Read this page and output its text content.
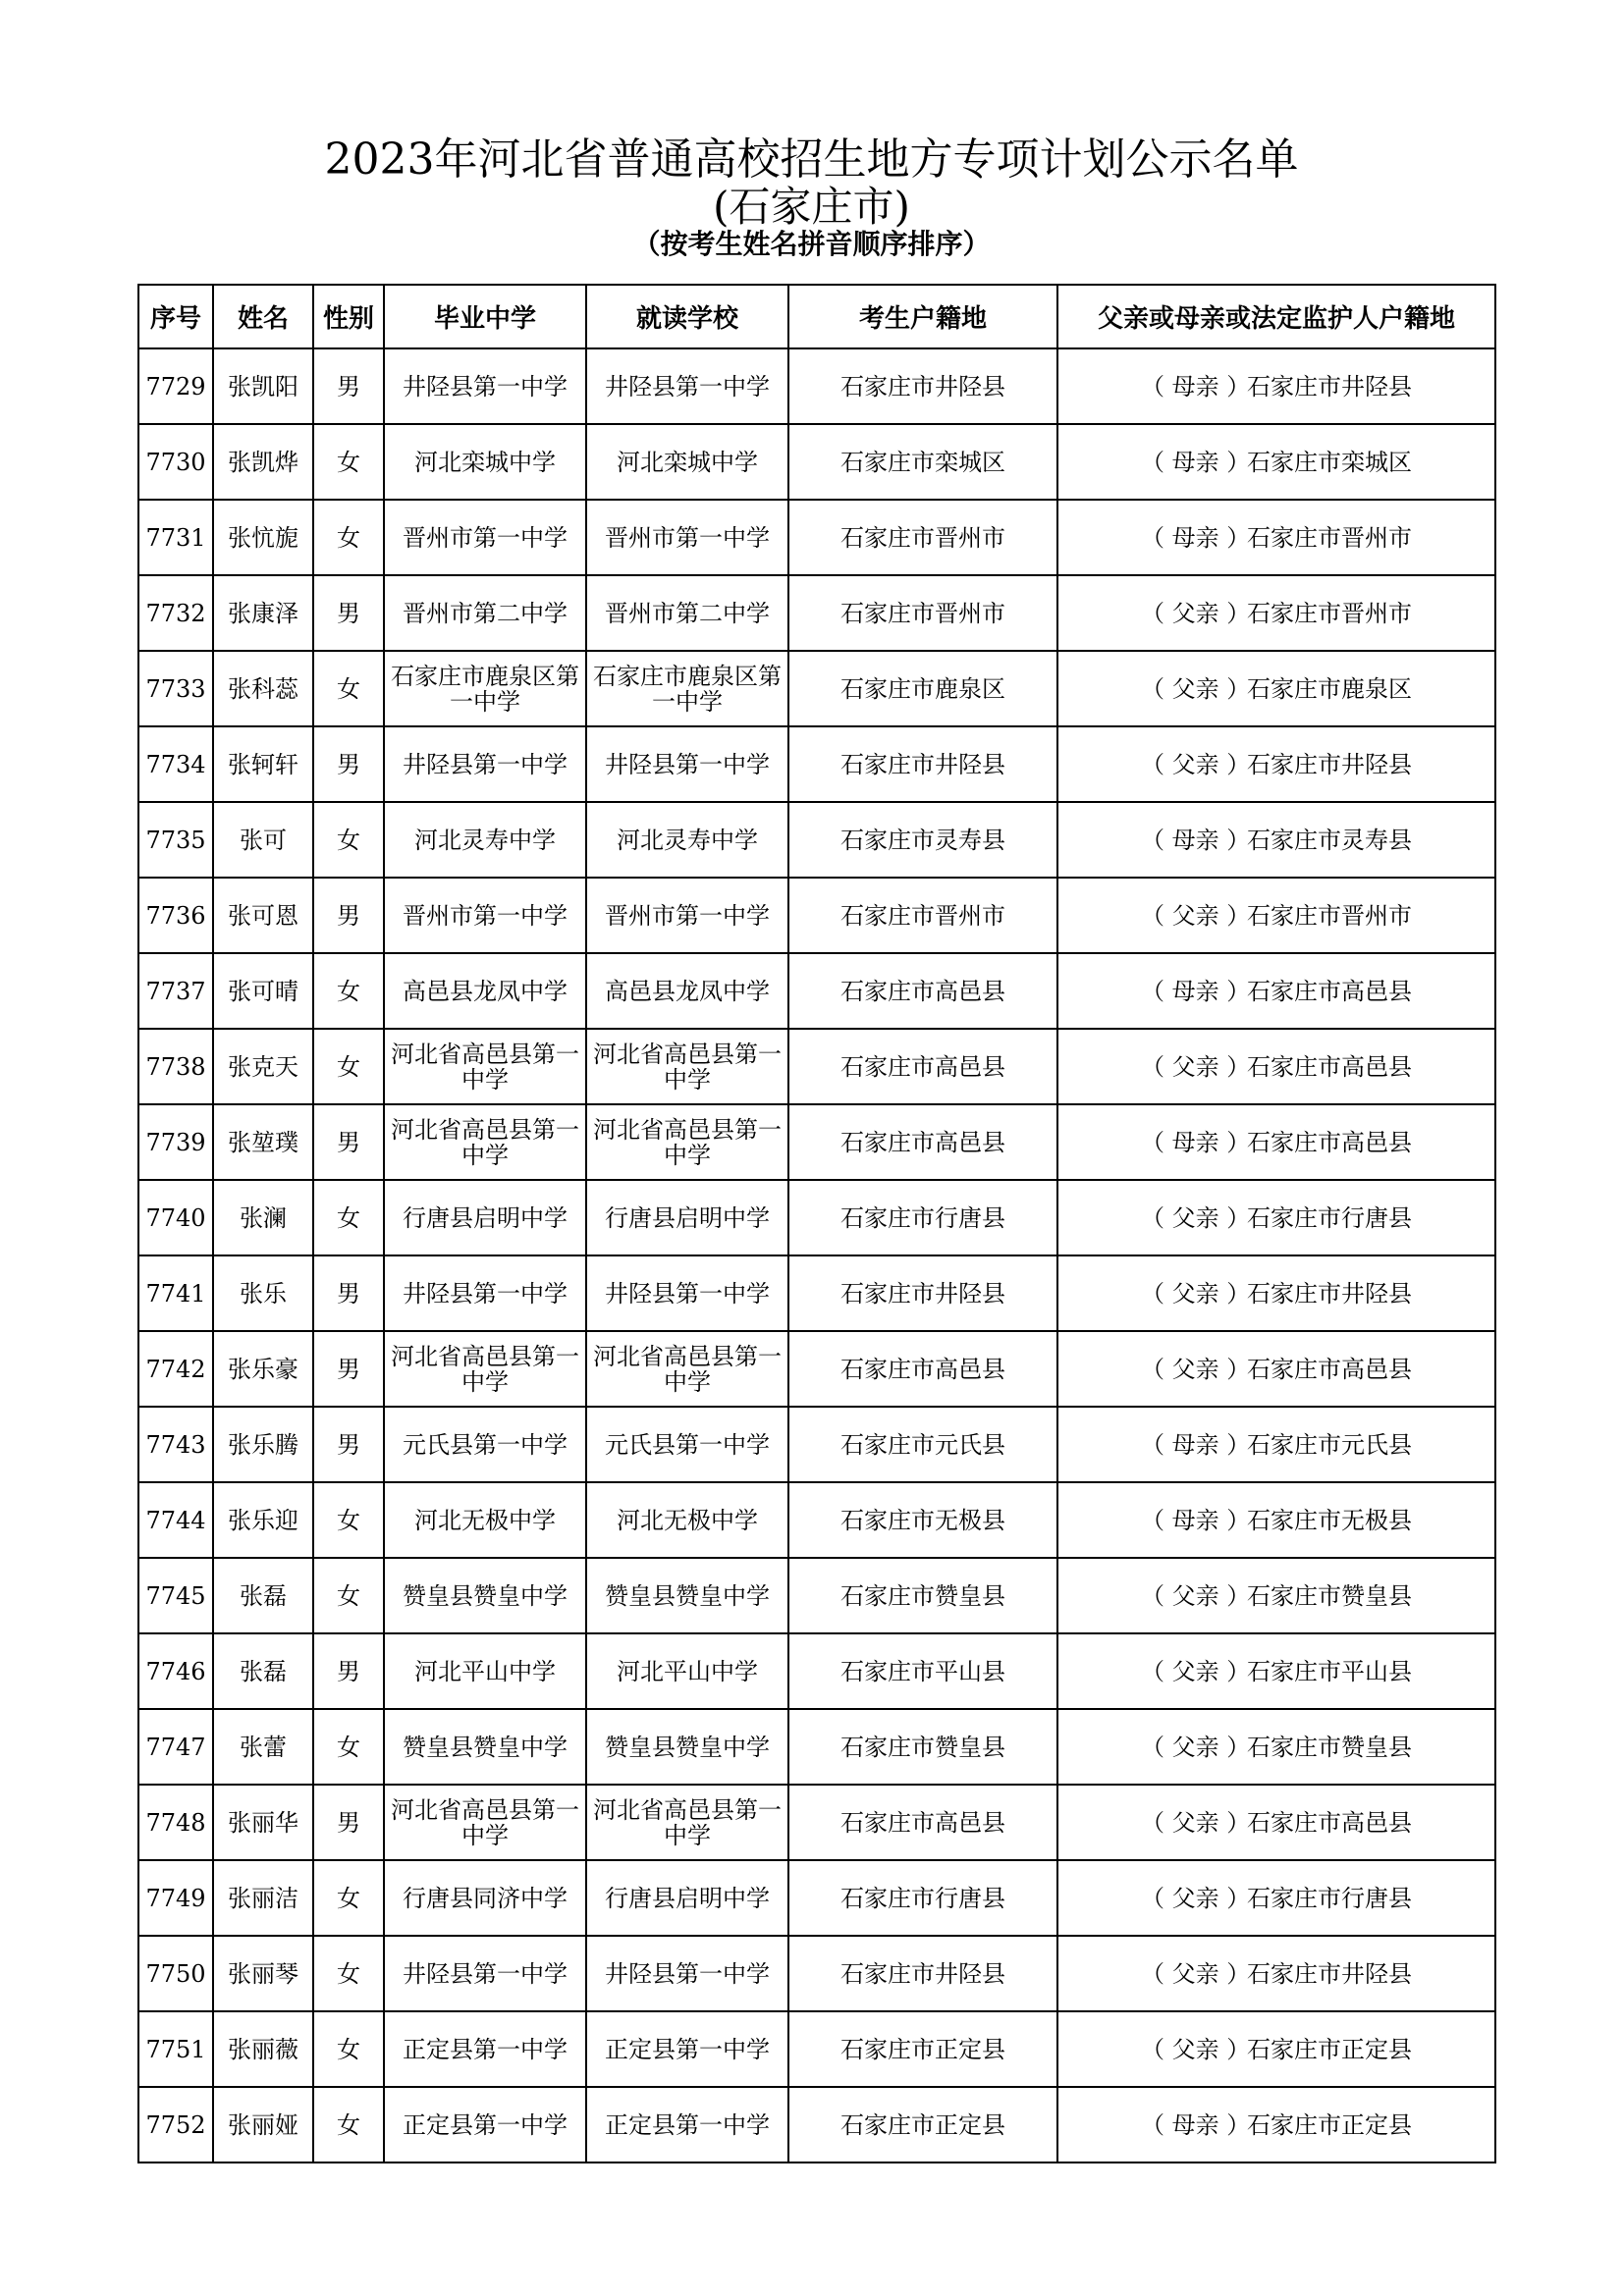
2023年河北省普通高校招生地方专项计划公示名单
(石家庄市)
（按考生姓名拼音顺序排序）
序号	姓名	性别	毕业中学	就读学校	考生户籍地	父亲或母亲或法定监护人户籍地
7729	张凯阳	男	井陉县第一中学	井陉县第一中学	石家庄市井陉县	（ 母亲 ）石家庄市井陉县
7730	张凯烨	女	河北栾城中学	河北栾城中学	石家庄市栾城区	（ 母亲 ）石家庄市栾城区
7731	张忼旎	女	晋州市第一中学	晋州市第一中学	石家庄市晋州市	（ 母亲 ）石家庄市晋州市
7732	张康泽	男	晋州市第二中学	晋州市第二中学	石家庄市晋州市	（ 父亲 ）石家庄市晋州市
7733	张科蕊	女	石家庄市鹿泉区第一中学	石家庄市鹿泉区第一中学	石家庄市鹿泉区	（ 父亲 ）石家庄市鹿泉区
7734	张轲轩	男	井陉县第一中学	井陉县第一中学	石家庄市井陉县	（ 父亲 ）石家庄市井陉县
7735	张可	女	河北灵寿中学	河北灵寿中学	石家庄市灵寿县	（ 母亲 ）石家庄市灵寿县
7736	张可恩	男	晋州市第一中学	晋州市第一中学	石家庄市晋州市	（ 父亲 ）石家庄市晋州市
7737	张可晴	女	高邑县龙凤中学	高邑县龙凤中学	石家庄市高邑县	（ 母亲 ）石家庄市高邑县
7738	张克天	女	河北省高邑县第一中学	河北省高邑县第一中学	石家庄市高邑县	（ 父亲 ）石家庄市高邑县
7739	张堃璞	男	河北省高邑县第一中学	河北省高邑县第一中学	石家庄市高邑县	（ 母亲 ）石家庄市高邑县
7740	张澜	女	行唐县启明中学	行唐县启明中学	石家庄市行唐县	（ 父亲 ）石家庄市行唐县
7741	张乐	男	井陉县第一中学	井陉县第一中学	石家庄市井陉县	（ 父亲 ）石家庄市井陉县
7742	张乐豪	男	河北省高邑县第一中学	河北省高邑县第一中学	石家庄市高邑县	（ 父亲 ）石家庄市高邑县
7743	张乐腾	男	元氏县第一中学	元氏县第一中学	石家庄市元氏县	（ 母亲 ）石家庄市元氏县
7744	张乐迎	女	河北无极中学	河北无极中学	石家庄市无极县	（ 母亲 ）石家庄市无极县
7745	张磊	女	赞皇县赞皇中学	赞皇县赞皇中学	石家庄市赞皇县	（ 父亲 ）石家庄市赞皇县
7746	张磊	男	河北平山中学	河北平山中学	石家庄市平山县	（ 父亲 ）石家庄市平山县
7747	张蕾	女	赞皇县赞皇中学	赞皇县赞皇中学	石家庄市赞皇县	（ 父亲 ）石家庄市赞皇县
7748	张丽华	男	河北省高邑县第一中学	河北省高邑县第一中学	石家庄市高邑县	（ 父亲 ）石家庄市高邑县
7749	张丽洁	女	行唐县同济中学	行唐县启明中学	石家庄市行唐县	（ 父亲 ）石家庄市行唐县
7750	张丽琴	女	井陉县第一中学	井陉县第一中学	石家庄市井陉县	（ 父亲 ）石家庄市井陉县
7751	张丽薇	女	正定县第一中学	正定县第一中学	石家庄市正定县	（ 父亲 ）石家庄市正定县
7752	张丽娅	女	正定县第一中学	正定县第一中学	石家庄市正定县	（ 母亲 ）石家庄市正定县
